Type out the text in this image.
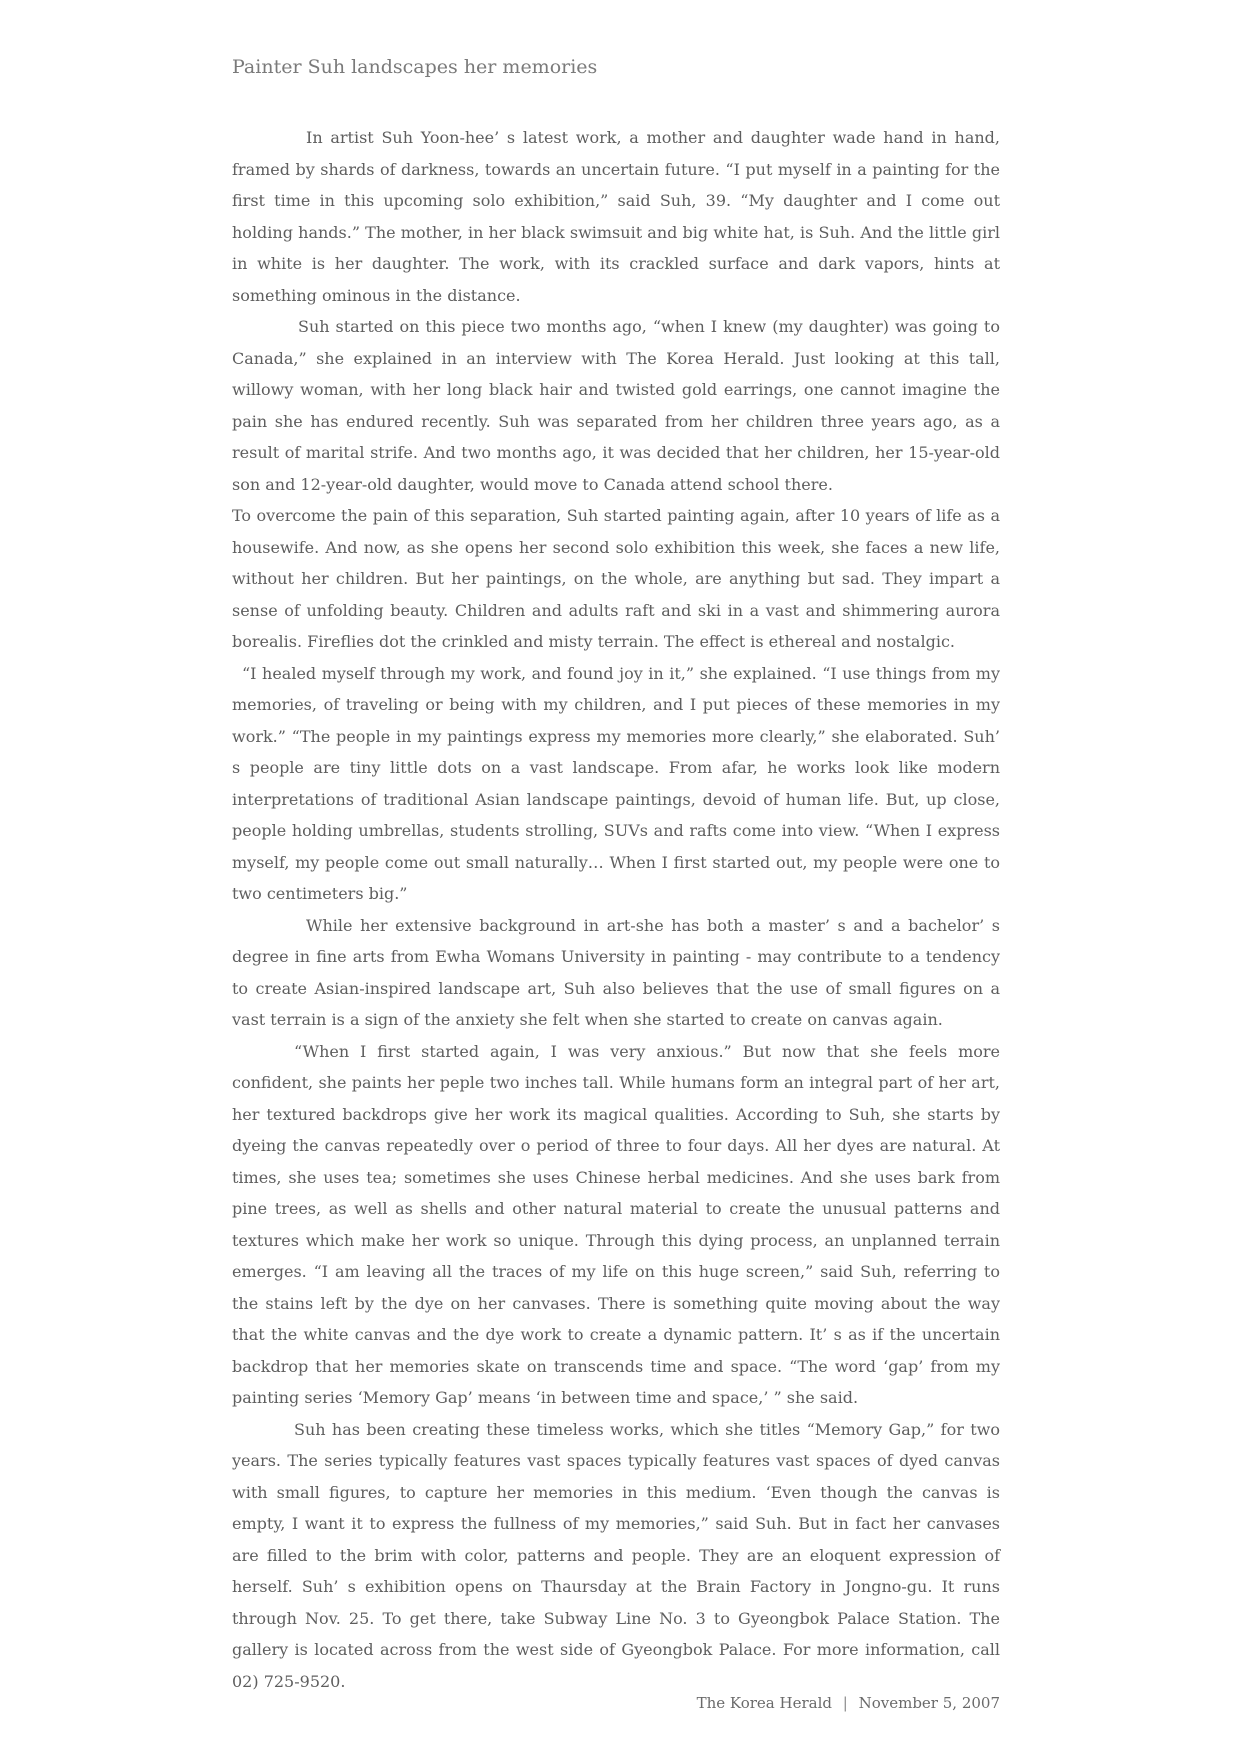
Painter Suh landscapes her memories

In artist Suh Yoon-hee’ s latest work, a mother and daughter wade hand in hand, framed by shards of darkness, towards an uncertain future. “I put myself in a painting for the first time in this upcoming solo exhibition,” said Suh, 39. “My daughter and I come out holding hands.” The mother, in her black swimsuit and big white hat, is Suh. And the little girl in white is her daughter. The work, with its crackled surface and dark vapors, hints at something ominous in the distance.

Suh started on this piece two months ago, “when I knew (my daughter) was going to Canada,” she explained in an interview with The Korea Herald. Just looking at this tall, willowy woman, with her long black hair and twisted gold earrings, one cannot imagine the pain she has endured recently. Suh was separated from her children three years ago, as a result of marital strife. And two months ago, it was decided that her children, her 15-year-old son and 12-year-old daughter, would move to Canada attend school there.

To overcome the pain of this separation, Suh started painting again, after 10 years of life as a housewife. And now, as she opens her second solo exhibition this week, she faces a new life, without her children. But her paintings, on the whole, are anything but sad. They impart a sense of unfolding beauty. Children and adults raft and ski in a vast and shimmering aurora borealis. Fireflies dot the crinkled and misty terrain. The effect is ethereal and nostalgic.

“I healed myself through my work, and found joy in it,” she explained. “I use things from my memories, of traveling or being with my children, and I put pieces of these memories in my work.” “The people in my paintings express my memories more clearly,” she elaborated. Suh’ s people are tiny little dots on a vast landscape. From afar, he works look like modern interpretations of traditional Asian landscape paintings, devoid of human life. But, up close, people holding umbrellas, students strolling, SUVs and rafts come into view. “When I express myself, my people come out small naturally… When I first started out, my people were one to two centimeters big.”

While her extensive background in art-she has both a master’ s and a bachelor’ s degree in fine arts from Ewha Womans University in painting - may contribute to a tendency to create Asian-inspired landscape art, Suh also believes that the use of small figures on a vast terrain is a sign of the anxiety she felt when she started to create on canvas again.

“When I first started again, I was very anxious.” But now that she feels more confident, she paints her peple two inches tall. While humans form an integral part of her art, her textured backdrops give her work its magical qualities. According to Suh, she starts by dyeing the canvas repeatedly over o period of three to four days. All her dyes are natural. At times, she uses tea; sometimes she uses Chinese herbal medicines. And she uses bark from pine trees, as well as shells and other natural material to create the unusual patterns and textures which make her work so unique. Through this dying process, an unplanned terrain emerges. “I am leaving all the traces of my life on this huge screen,” said Suh, referring to the stains left by the dye on her canvases. There is something quite moving about the way that the white canvas and the dye work to create a dynamic pattern. It’ s as if the uncertain backdrop that her memories skate on transcends time and space. “The word ‘gap’ from my painting series ‘Memory Gap’ means ‘in between time and space,’ ” she said.

Suh has been creating these timeless works, which she titles “Memory Gap,” for two years. The series typically features vast spaces typically features vast spaces of dyed canvas with small figures, to capture her memories in this medium. ‘Even though the canvas is empty, I want it to express the fullness of my memories,” said Suh. But in fact her canvases are filled to the brim with color, patterns and people. They are an eloquent expression of herself. Suh’ s exhibition opens on Thaursday at the Brain Factory in Jongno-gu. It runs through Nov. 25. To get there, take Subway Line No. 3 to Gyeongbok Palace Station. The gallery is located across from the west side of Gyeongbok Palace. For more information, call 02) 725-9520.

The Korea Herald | November 5, 2007
